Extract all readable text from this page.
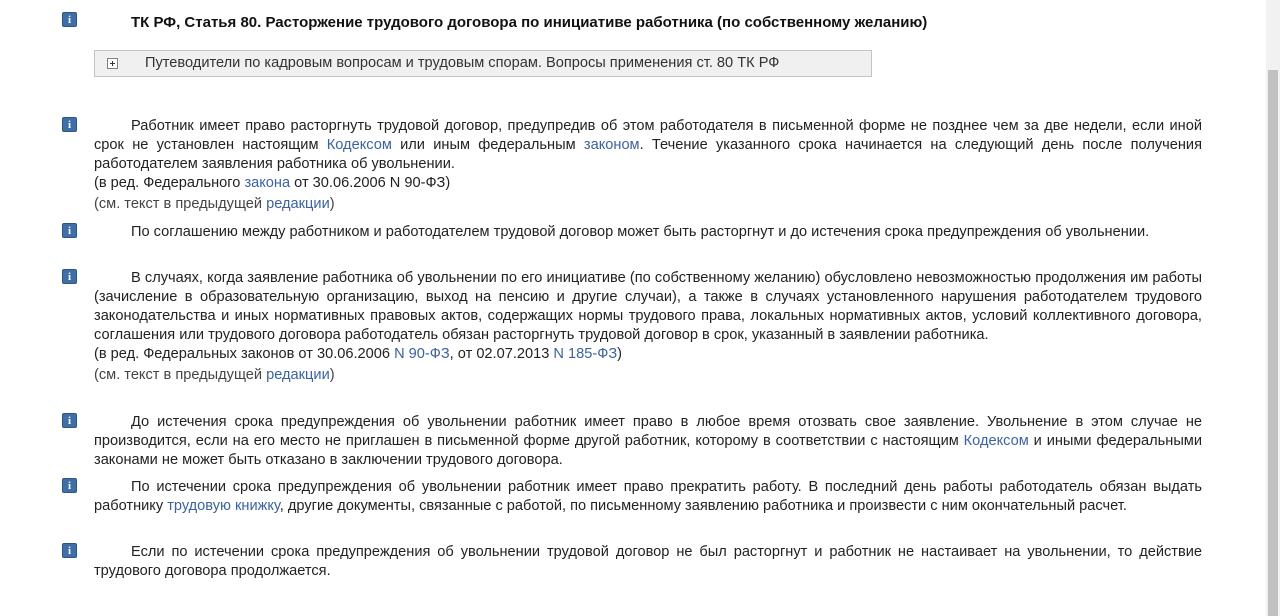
i
i
i
i
i
i
i
ТК РФ, Статья 80. Расторжение трудового договора по инициативе работника (по собственному желанию)
Путеводители по кадровым вопросам и трудовым спорам. Вопросы применения ст. 80 ТК РФ
Работник имеет право расторгнуть трудовой договор, предупредив об этом работодателя в письменной форме не позднее чем за две недели, если иной срок не установлен настоящим Кодексом или иным федеральным законом. Течение указанного срока начинается на следующий день после получения работодателем заявления работника об увольнении.
(в ред. Федерального закона от 30.06.2006 N 90-ФЗ)
(см. текст в предыдущей редакции)
По соглашению между работником и работодателем трудовой договор может быть расторгнут и до истечения срока предупреждения об увольнении.
В случаях, когда заявление работника об увольнении по его инициативе (по собственному желанию) обусловлено невозможностью продолжения им работы (зачисление в образовательную организацию, выход на пенсию и другие случаи), а также в случаях установленного нарушения работодателем трудового законодательства и иных нормативных правовых актов, содержащих нормы трудового права, локальных нормативных актов, условий коллективного договора, соглашения или трудового договора работодатель обязан расторгнуть трудовой договор в срок, указанный в заявлении работника.
(в ред. Федеральных законов от 30.06.2006 N 90-ФЗ, от 02.07.2013 N 185-ФЗ)
(см. текст в предыдущей редакции)
До истечения срока предупреждения об увольнении работник имеет право в любое время отозвать свое заявление. Увольнение в этом случае не производится, если на его место не приглашен в письменной форме другой работник, которому в соответствии с настоящим Кодексом и иными федеральными законами не может быть отказано в заключении трудового договора.
По истечении срока предупреждения об увольнении работник имеет право прекратить работу. В последний день работы работодатель обязан выдать работнику трудовую книжку, другие документы, связанные с работой, по письменному заявлению работника и произвести с ним окончательный расчет.
Если по истечении срока предупреждения об увольнении трудовой договор не был расторгнут и работник не настаивает на увольнении, то действие трудового договора продолжается.
